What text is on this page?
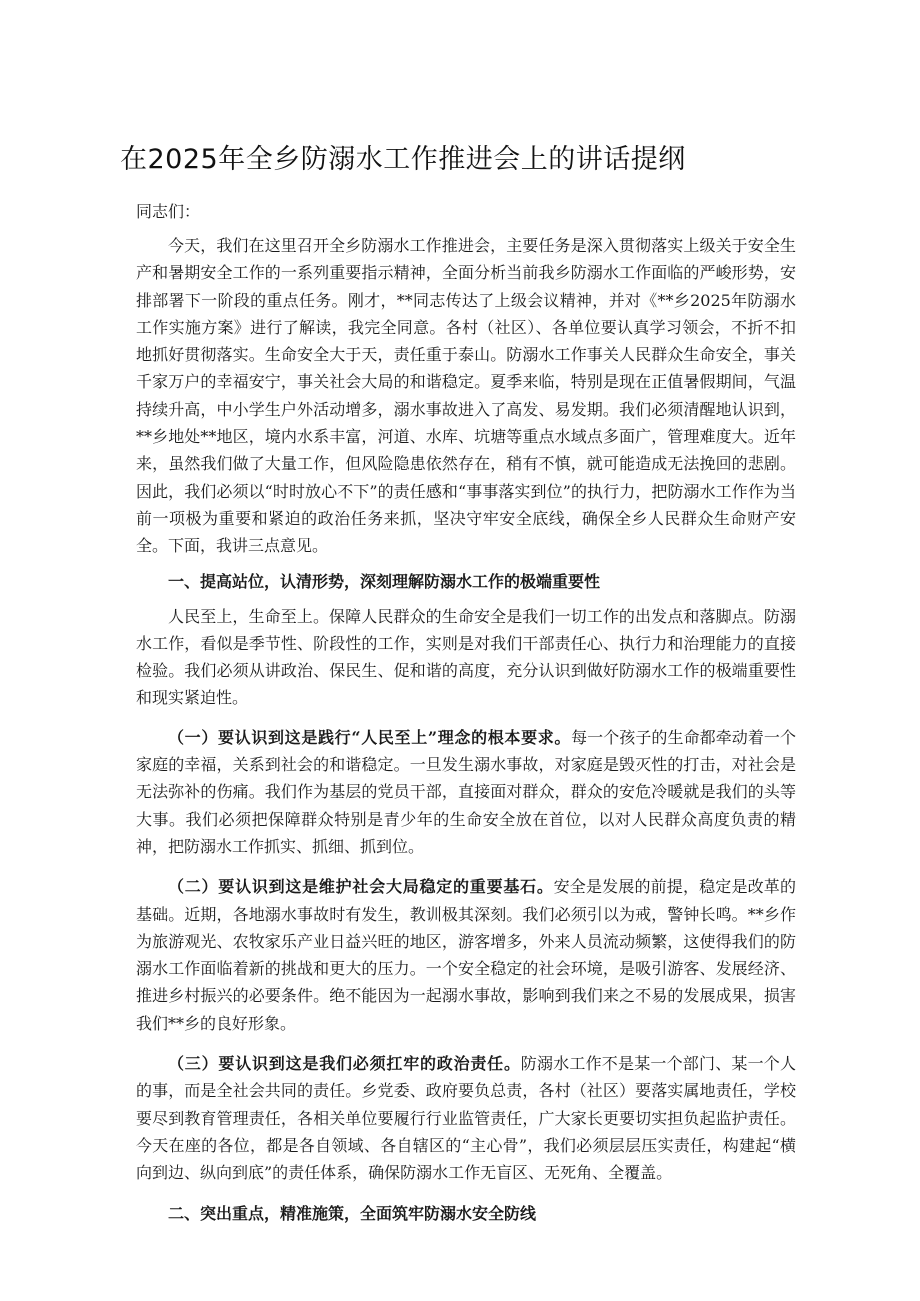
在2025年全乡防溺水工作推进会上的讲话提纲

同志们：

今天，我们在这里召开全乡防溺水工作推进会，主要任务是深入贯彻落实上级关于安全生产和暑期安全工作的一系列重要指示精神，全面分析当前我乡防溺水工作面临的严峻形势，安排部署下一阶段的重点任务。刚才，**同志传达了上级会议精神，并对《**乡2025年防溺水工作实施方案》进行了解读，我完全同意。各村（社区）、各单位要认真学习领会，不折不扣地抓好贯彻落实。生命安全大于天，责任重于泰山。防溺水工作事关人民群众生命安全，事关千家万户的幸福安宁，事关社会大局的和谐稳定。夏季来临，特别是现在正值暑假期间，气温持续升高，中小学生户外活动增多，溺水事故进入了高发、易发期。我们必须清醒地认识到，**乡地处**地区，境内水系丰富，河道、水库、坑塘等重点水域点多面广，管理难度大。近年来，虽然我们做了大量工作，但风险隐患依然存在，稍有不慎，就可能造成无法挽回的悲剧。因此，我们必须以“时时放心不下”的责任感和“事事落实到位”的执行力，把防溺水工作作为当前一项极为重要和紧迫的政治任务来抓，坚决守牢安全底线，确保全乡人民群众生命财产安全。下面，我讲三点意见。

一、提高站位，认清形势，深刻理解防溺水工作的极端重要性

人民至上，生命至上。保障人民群众的生命安全是我们一切工作的出发点和落脚点。防溺水工作，看似是季节性、阶段性的工作，实则是对我们干部责任心、执行力和治理能力的直接检验。我们必须从讲政治、保民生、促和谐的高度，充分认识到做好防溺水工作的极端重要性和现实紧迫性。

（一）要认识到这是践行“人民至上”理念的根本要求。每一个孩子的生命都牵动着一个家庭的幸福，关系到社会的和谐稳定。一旦发生溺水事故，对家庭是毁灭性的打击，对社会是无法弥补的伤痛。我们作为基层的党员干部，直接面对群众，群众的安危冷暖就是我们的头等大事。我们必须把保障群众特别是青少年的生命安全放在首位，以对人民群众高度负责的精神，把防溺水工作抓实、抓细、抓到位。

（二）要认识到这是维护社会大局稳定的重要基石。安全是发展的前提，稳定是改革的基础。近期，各地溺水事故时有发生，教训极其深刻。我们必须引以为戒，警钟长鸣。**乡作为旅游观光、农牧家乐产业日益兴旺的地区，游客增多，外来人员流动频繁，这使得我们的防溺水工作面临着新的挑战和更大的压力。一个安全稳定的社会环境，是吸引游客、发展经济、推进乡村振兴的必要条件。绝不能因为一起溺水事故，影响到我们来之不易的发展成果，损害我们**乡的良好形象。

（三）要认识到这是我们必须扛牢的政治责任。防溺水工作不是某一个部门、某一个人的事，而是全社会共同的责任。乡党委、政府要负总责，各村（社区）要落实属地责任，学校要尽到教育管理责任，各相关单位要履行行业监管责任，广大家长更要切实担负起监护责任。今天在座的各位，都是各自领域、各自辖区的“主心骨”，我们必须层层压实责任，构建起“横向到边、纵向到底”的责任体系，确保防溺水工作无盲区、无死角、全覆盖。

二、突出重点，精准施策，全面筑牢防溺水安全防线
